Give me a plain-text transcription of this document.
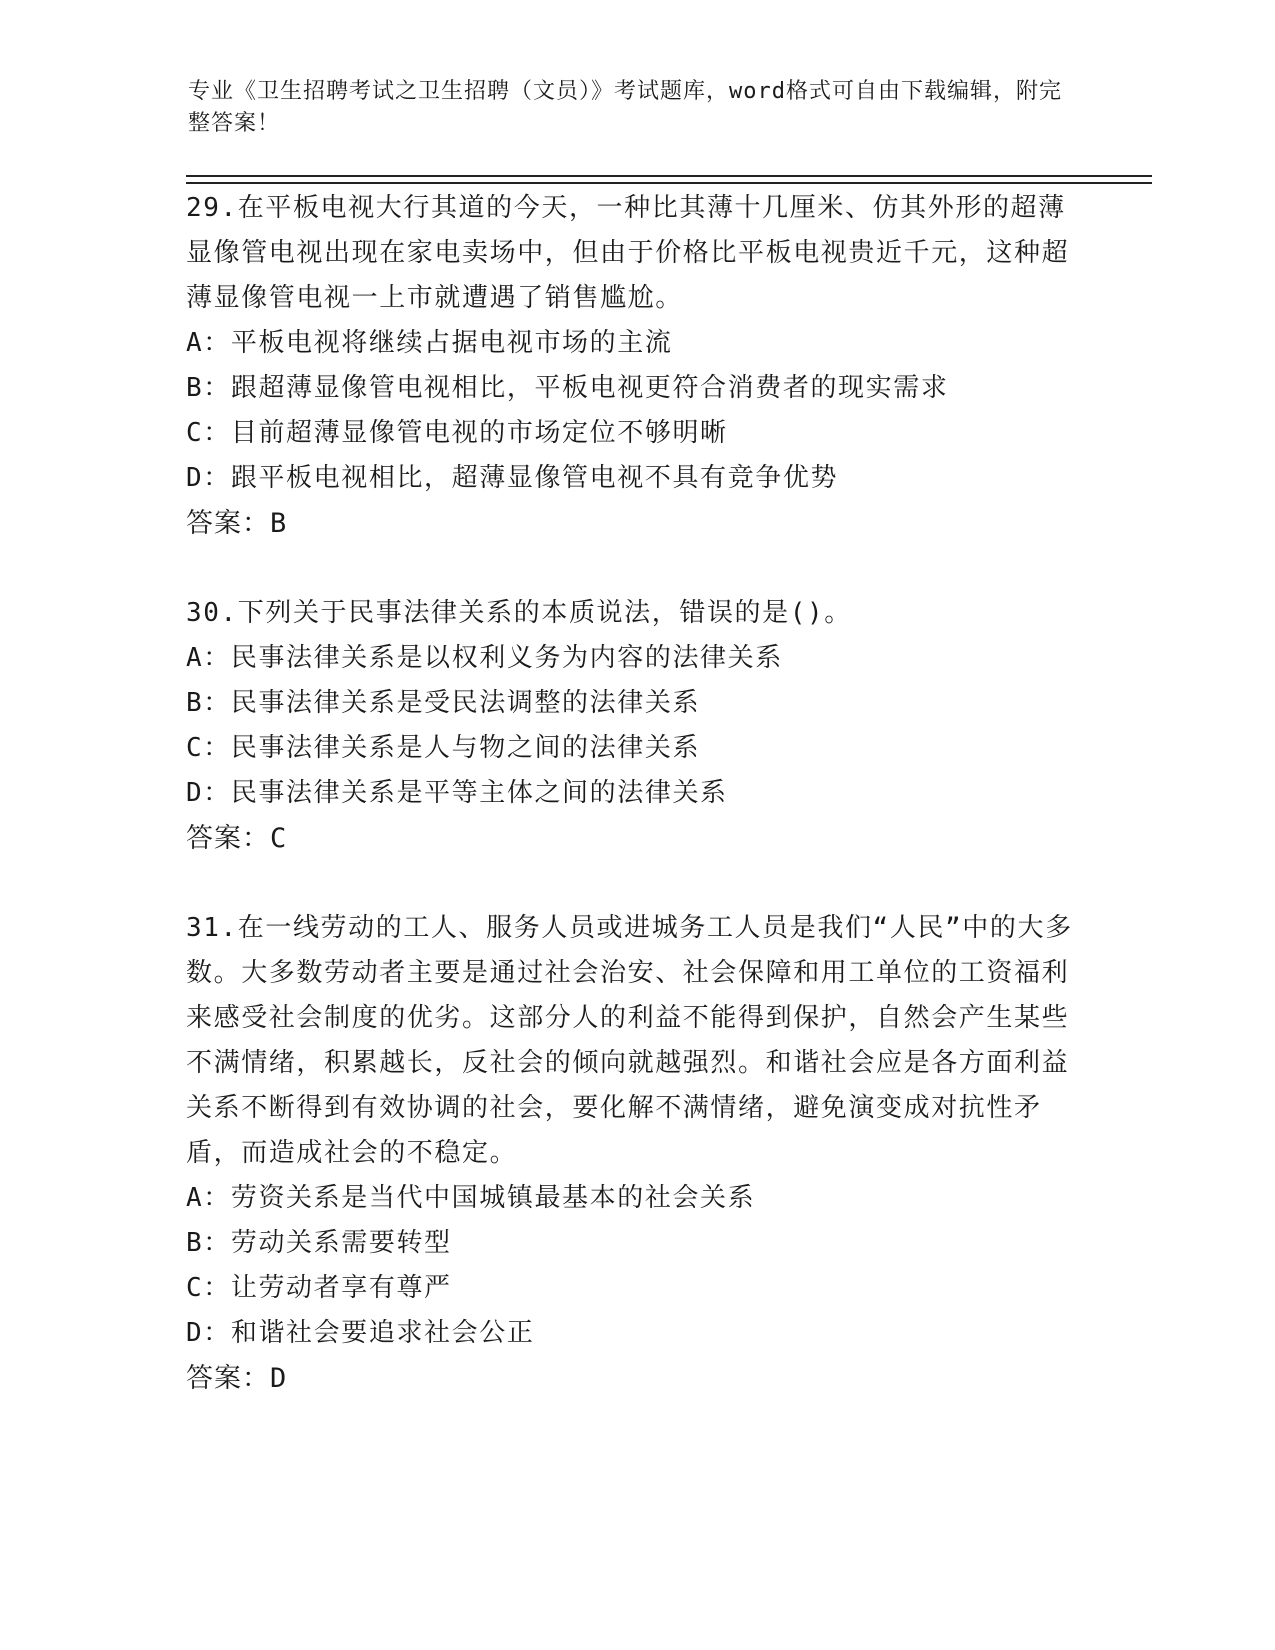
专业《卫生招聘考试之卫生招聘（文员）》考试题库，word格式可自由下载编辑，附完整答案！

29.在平板电视大行其道的今天，一种比其薄十几厘米、仿其外形的超薄显像管电视出现在家电卖场中，但由于价格比平板电视贵近千元，这种超薄显像管电视一上市就遭遇了销售尴尬。

A：平板电视将继续占据电视市场的主流

B：跟超薄显像管电视相比，平板电视更符合消费者的现实需求

C：目前超薄显像管电视的市场定位不够明晰

D：跟平板电视相比，超薄显像管电视不具有竞争优势

答案：B

30.下列关于民事法律关系的本质说法，错误的是()。

A：民事法律关系是以权利义务为内容的法律关系

B：民事法律关系是受民法调整的法律关系

C：民事法律关系是人与物之间的法律关系

D：民事法律关系是平等主体之间的法律关系

答案：C

31.在一线劳动的工人、服务人员或进城务工人员是我们“人民”中的大多数。大多数劳动者主要是通过社会治安、社会保障和用工单位的工资福利来感受社会制度的优劣。这部分人的利益不能得到保护，自然会产生某些不满情绪，积累越长，反社会的倾向就越强烈。和谐社会应是各方面利益关系不断得到有效协调的社会，要化解不满情绪，避免演变成对抗性矛盾，而造成社会的不稳定。

A：劳资关系是当代中国城镇最基本的社会关系

B：劳动关系需要转型

C：让劳动者享有尊严

D：和谐社会要追求社会公正

答案：D
